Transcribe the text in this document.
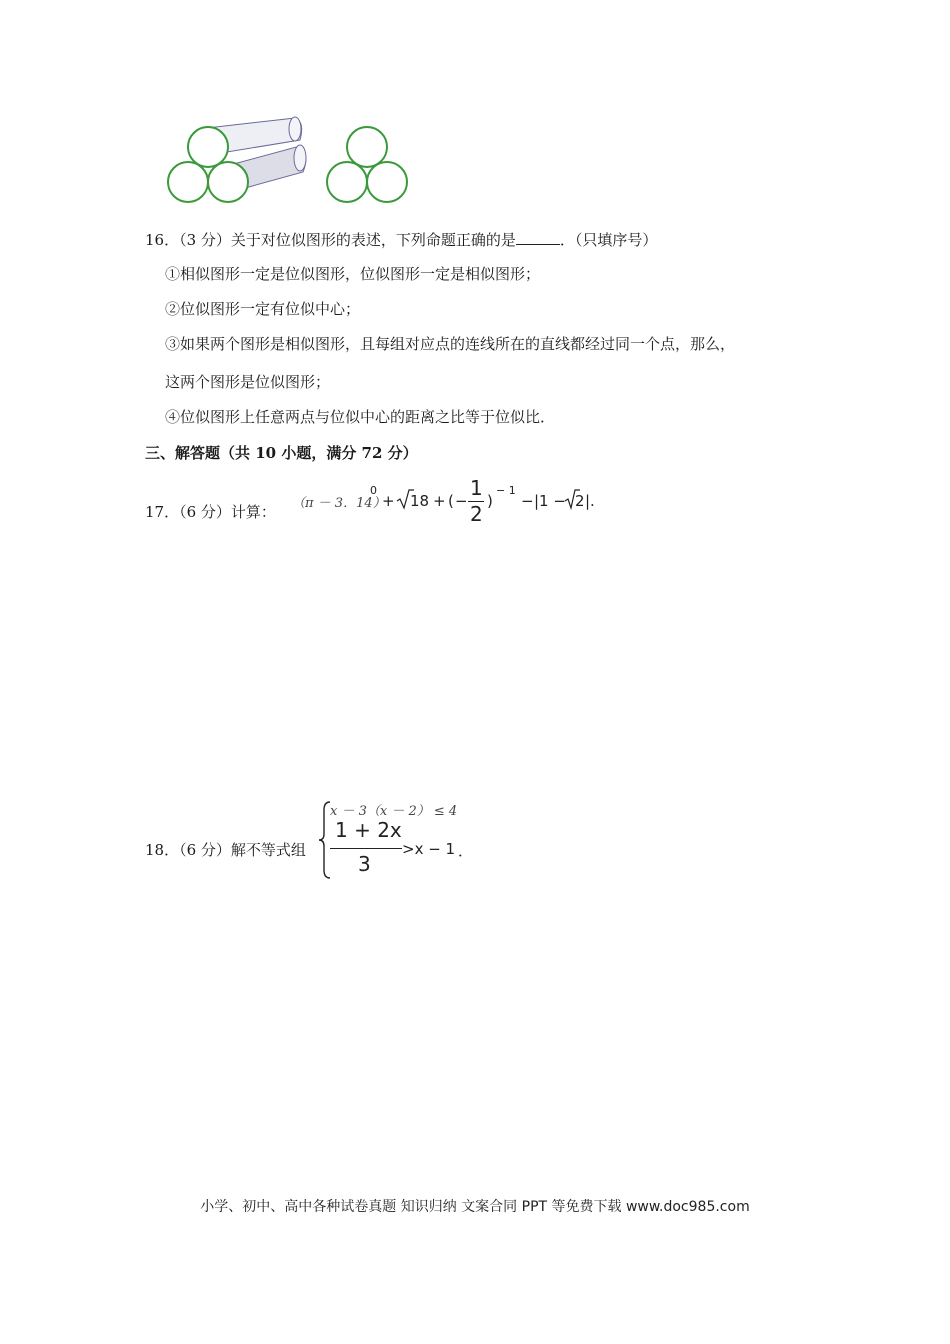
16．（3 分）关于对位似图形的表述，下列命题正确的是	．（只填序号）
①相似图形一定是位似图形，位似图形一定是相似图形；
②位似图形一定有位似中心；
③如果两个图形是相似图形，且每组对应点的连线所在的直线都经过同一个点，那么，
这两个图形是位似图形；
④位似图形上任意两点与位似中心的距离之比等于位似比．
三、解答题（共 10 小题，满分 72 分）
17．（6 分）计算： （π － 3．14）
0
+ 18 + ( −
1
2
)
− 1
− |1 − 2 | .
18．（6 分）解不等式组
x － 3（x － 2） ≤ 4
1 + 2x
3
>x − 1 ．
小学、初中、高中各种试卷真题 知识归纳 文案合同 PPT 等免费下载 www.doc985.com
